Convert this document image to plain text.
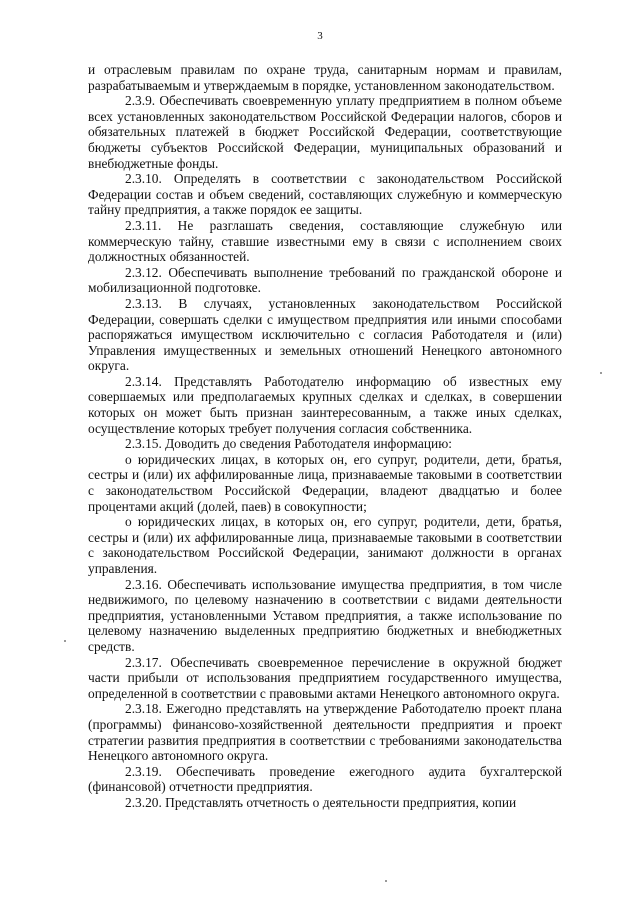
3

и отраслевым правилам по охране труда, санитарным нормам и правилам, разрабатываемым и утверждаемым в порядке, установленном законодательством.

2.3.9. Обеспечивать своевременную уплату предприятием в полном объеме всех установленных законодательством Российской Федерации налогов, сборов и обязательных платежей в бюджет Российской Федерации, соответствующие бюджеты субъектов Российской Федерации, муниципальных образований и внебюджетные фонды.

2.3.10. Определять в соответствии с законодательством Российской Федерации состав и объем сведений, составляющих служебную и коммерческую тайну предприятия, а также порядок ее защиты.

2.3.11. Не разглашать сведения, составляющие служебную или коммерческую тайну, ставшие известными ему в связи с исполнением своих должностных обязанностей.

2.3.12. Обеспечивать выполнение требований по гражданской обороне и мобилизационной подготовке.

2.3.13. В случаях, установленных законодательством Российской Федерации, совершать сделки с имуществом предприятия или иными способами распоряжаться имуществом исключительно с согласия Работодателя и (или) Управления имущественных и земельных отношений Ненецкого автономного округа.

2.3.14. Представлять Работодателю информацию об известных ему совершаемых или предполагаемых крупных сделках и сделках, в совершении которых он может быть признан заинтересованным, а также иных сделках, осуществление которых требует получения согласия собственника.

2.3.15. Доводить до сведения Работодателя информацию:

о юридических лицах, в которых он, его супруг, родители, дети, братья, сестры и (или) их аффилированные лица, признаваемые таковыми в соответствии с законодательством Российской Федерации, владеют двадцатью и более процентами акций (долей, паев) в совокупности;

о юридических лицах, в которых он, его супруг, родители, дети, братья, сестры и (или) их аффилированные лица, признаваемые таковыми в соответствии с законодательством Российской Федерации, занимают должности в органах управления.

2.3.16. Обеспечивать использование имущества предприятия, в том числе недвижимого, по целевому назначению в соответствии с видами деятельности предприятия, установленными Уставом предприятия, а также использование по целевому назначению выделенных предприятию бюджетных и внебюджетных средств.

2.3.17. Обеспечивать своевременное перечисление в окружной бюджет части прибыли от использования предприятием государственного имущества, определенной в соответствии с правовыми актами Ненецкого автономного округа.

2.3.18. Ежегодно представлять на утверждение Работодателю проект плана (программы) финансово-хозяйственной деятельности предприятия и проект стратегии развития предприятия в соответствии с требованиями законодательства Ненецкого автономного округа.

2.3.19. Обеспечивать проведение ежегодного аудита бухгалтерской (финансовой) отчетности предприятия.

2.3.20. Представлять отчетность о деятельности предприятия, копии
